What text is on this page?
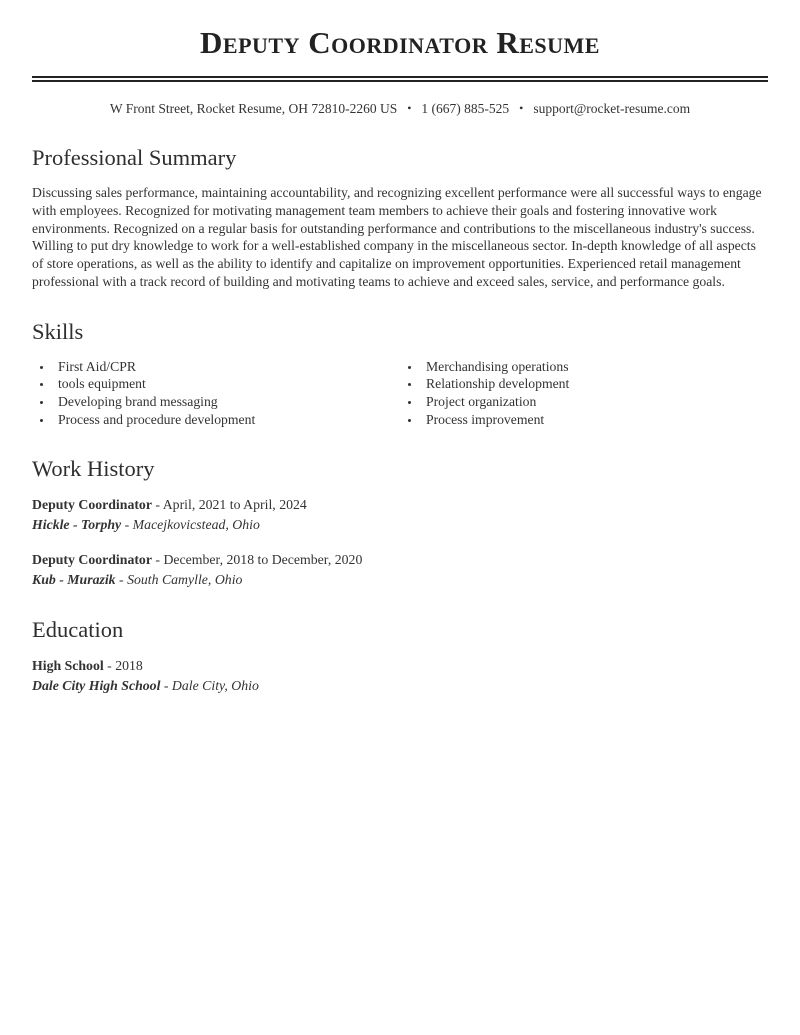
Deputy Coordinator Resume
W Front Street, Rocket Resume, OH 72810-2260 US • 1 (667) 885-525 • support@rocket-resume.com
Professional Summary

Discussing sales performance, maintaining accountability, and recognizing excellent performance were all successful ways to engage with employees. Recognized for motivating management team members to achieve their goals and fostering innovative work environments. Recognized on a regular basis for outstanding performance and contributions to the miscellaneous industry's success. Willing to put dry knowledge to work for a well-established company in the miscellaneous sector. In-depth knowledge of all aspects of store operations, as well as the ability to identify and capitalize on improvement opportunities. Experienced retail management professional with a track record of building and motivating teams to achieve and exceed sales, service, and performance goals.

Skills
• First Aid/CPR
• tools equipment
• Developing brand messaging
• Process and procedure development
• Merchandising operations
• Relationship development
• Project organization
• Process improvement
Work History
Deputy Coordinator - April, 2021 to April, 2024
Hickle - Torphy - Macejkovicstead, Ohio
Deputy Coordinator - December, 2018 to December, 2020
Kub - Murazik - South Camylle, Ohio
Education
High School - 2018
Dale City High School - Dale City, Ohio
